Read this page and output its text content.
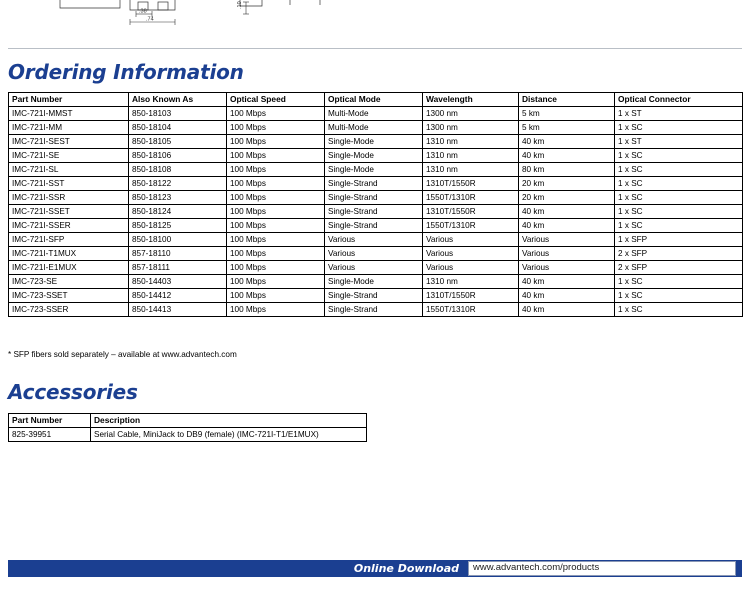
.38
.74
.10
Ordering Information
Part Number	Also Known As	Optical Speed	Optical Mode	Wavelength	Distance	Optical Connector
IMC-721I-MMST	850-18103	100 Mbps	Multi-Mode	1300 nm	5 km	1 x ST
IMC-721I-MM	850-18104	100 Mbps	Multi-Mode	1300 nm	5 km	1 x SC
IMC-721I-SEST	850-18105	100 Mbps	Single-Mode	1310 nm	40 km	1 x ST
IMC-721I-SE	850-18106	100 Mbps	Single-Mode	1310 nm	40 km	1 x SC
IMC-721I-SL	850-18108	100 Mbps	Single-Mode	1310 nm	80 km	1 x SC
IMC-721I-SST	850-18122	100 Mbps	Single-Strand	1310T/1550R	20 km	1 x SC
IMC-721I-SSR	850-18123	100 Mbps	Single-Strand	1550T/1310R	20 km	1 x SC
IMC-721I-SSET	850-18124	100 Mbps	Single-Strand	1310T/1550R	40 km	1 x SC
IMC-721I-SSER	850-18125	100 Mbps	Single-Strand	1550T/1310R	40 km	1 x SC
IMC-721I-SFP	850-18100	100 Mbps	Various	Various	Various	1 x SFP
IMC-721I-T1MUX	857-18110	100 Mbps	Various	Various	Various	2 x SFP
IMC-721I-E1MUX	857-18111	100 Mbps	Various	Various	Various	2 x SFP
IMC-723-SE	850-14403	100 Mbps	Single-Mode	1310 nm	40 km	1 x SC
IMC-723-SSET	850-14412	100 Mbps	Single-Strand	1310T/1550R	40 km	1 x SC
IMC-723-SSER	850-14413	100 Mbps	Single-Strand	1550T/1310R	40 km	1 x SC
* SFP fibers sold separately – available at www.advantech.com
Accessories
Part Number	Description
825-39951	Serial Cable, MiniJack to DB9 (female) (IMC-721I-T1/E1MUX)
Online Download	www.advantech.com/products
